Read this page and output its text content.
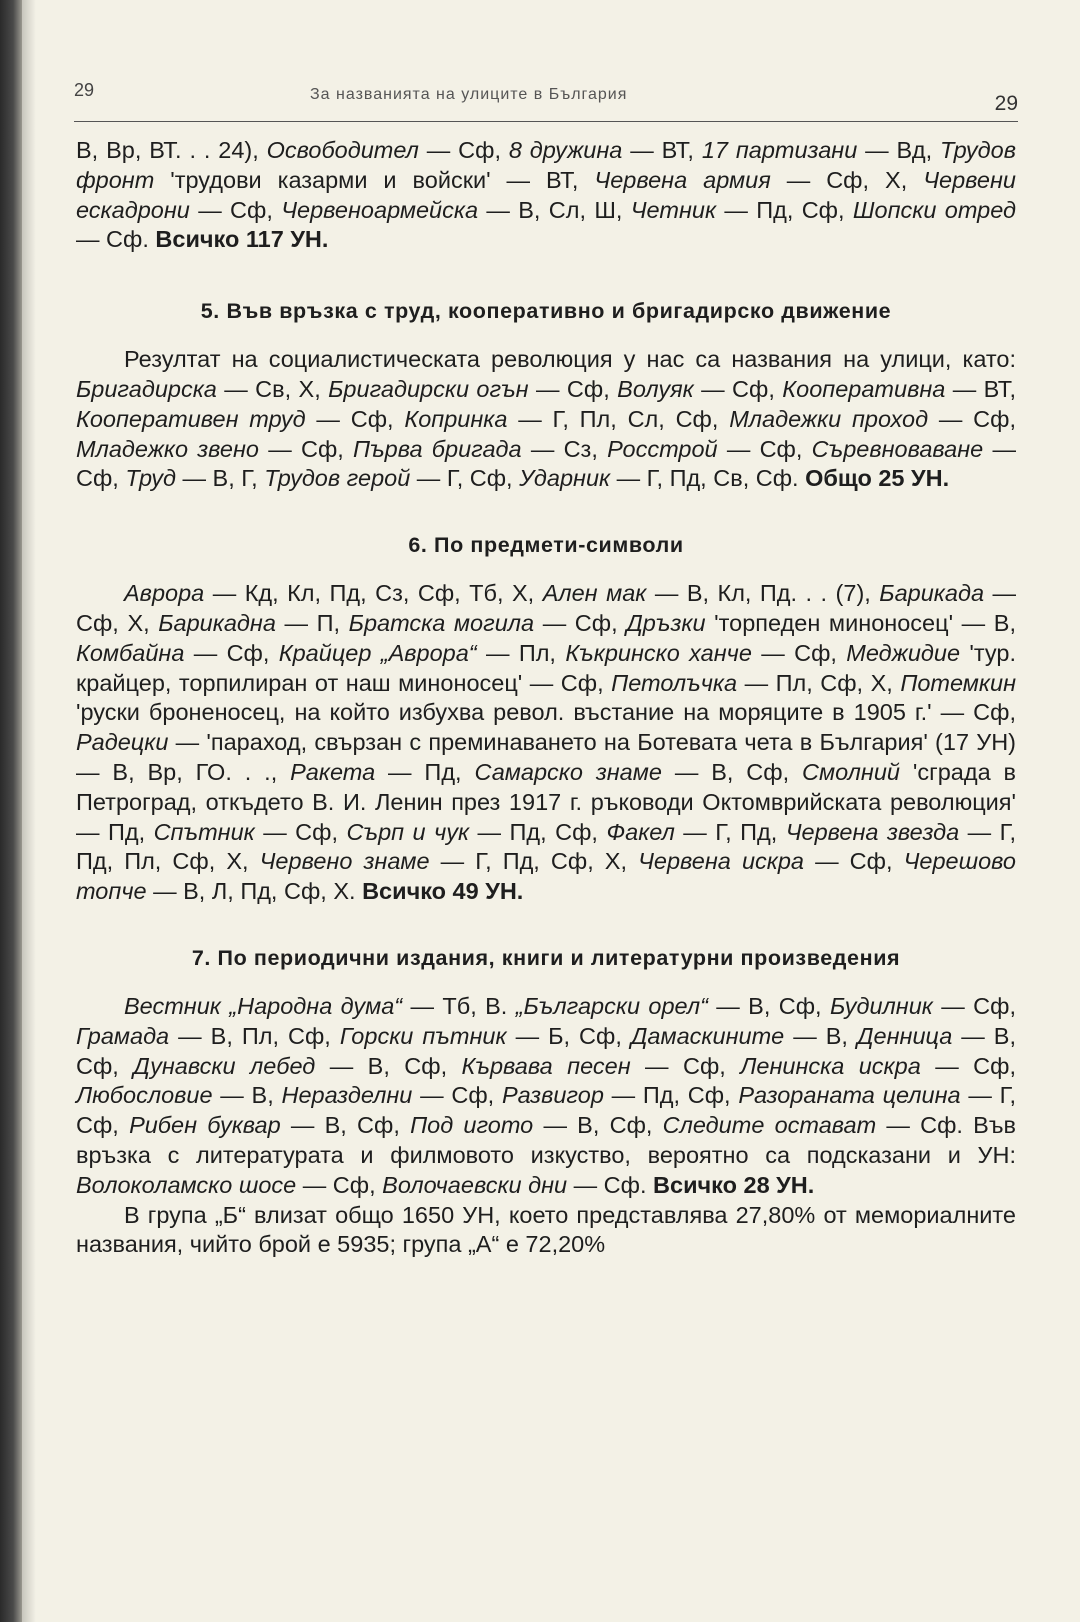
29	За названията на улиците в България	29

В, Вр, ВТ. . . 24), Освободител — Сф, 8 дружина — ВТ, 17 партизани — Вд, Трудов фронт 'трудови казарми и войски' — ВТ, Червена армия — Сф, Х, Червени ескадрони — Сф, Червеноармейска — В, Сл, Ш, Четник — Пд, Сф, Шопски отред — Сф. Всичко 117 УН.

5. Във връзка с труд, кооперативно и бригадирско движение

Резултат на социалистическата революция у нас са названия на улици, като: Бригадирска — Св, Х, Бригадирски огън — Сф, Волуяк — Сф, Кооперативна — ВТ, Кооперативен труд — Сф, Копринка — Г, Пл, Сл, Сф, Младежки проход — Сф, Младежко звено — Сф, Първа бригада — Сз, Росстрой — Сф, Съревноваване — Сф, Труд — В, Г, Трудов герой — Г, Сф, Ударник — Г, Пд, Св, Сф. Общо 25 УН.

6. По предмети-символи

Аврора — Кд, Кл, Пд, Сз, Сф, Тб, Х, Ален мак — В, Кл, Пд. . . (7), Барикада — Сф, Х, Барикадна — П, Братска могила — Сф, Дръзки 'торпеден миноносец' — В, Комбайна — Сф, Крайцер „Аврора“ — Пл, Къкринско ханче — Сф, Меджидие 'тур. крайцер, торпилиран от наш миноносец' — Сф, Петолъчка — Пл, Сф, Х, Потемкин 'руски броненосец, на който избухва револ. въстание на моряците в 1905 г.' — Сф, Радецки — 'параход, свързан с преминаването на Ботевата чета в България' (17 УН) — В, Вр, ГО. . ., Ракета — Пд, Самарско знаме — В, Сф, Смолний 'сграда в Петроград, откъдето В. И. Ленин през 1917 г. ръководи Октомврийската революция' — Пд, Спътник — Сф, Сърп и чук — Пд, Сф, Факел — Г, Пд, Червена звезда — Г, Пд, Пл, Сф, Х, Червено знаме — Г, Пд, Сф, Х, Червена искра — Сф, Черешово топче — В, Л, Пд, Сф, Х. Всичко 49 УН.

7. По периодични издания, книги и литературни произведения

Вестник „Народна дума“ — Тб, В. „Български орел“ — В, Сф, Будилник — Сф, Грамада — В, Пл, Сф, Горски пътник — Б, Сф, Дамаскините — В, Денница — В, Сф, Дунавски лебед — В, Сф, Кървава песен — Сф, Ленинска искра — Сф, Любословие — В, Неразделни — Сф, Развигор — Пд, Сф, Разораната целина — Г, Сф, Рибен буквар — В, Сф, Под игото — В, Сф, Следите остават — Сф. Във връзка с литературата и филмовото изкуство, вероятно са подсказани и УН: Волоколамско шосе — Сф, Волочаевски дни — Сф. Всичко 28 УН.

В група „Б“ влизат общо 1650 УН, което представлява 27,80% от мемориалните названия, чийто брой е 5935; група „А“ е 72,20%
